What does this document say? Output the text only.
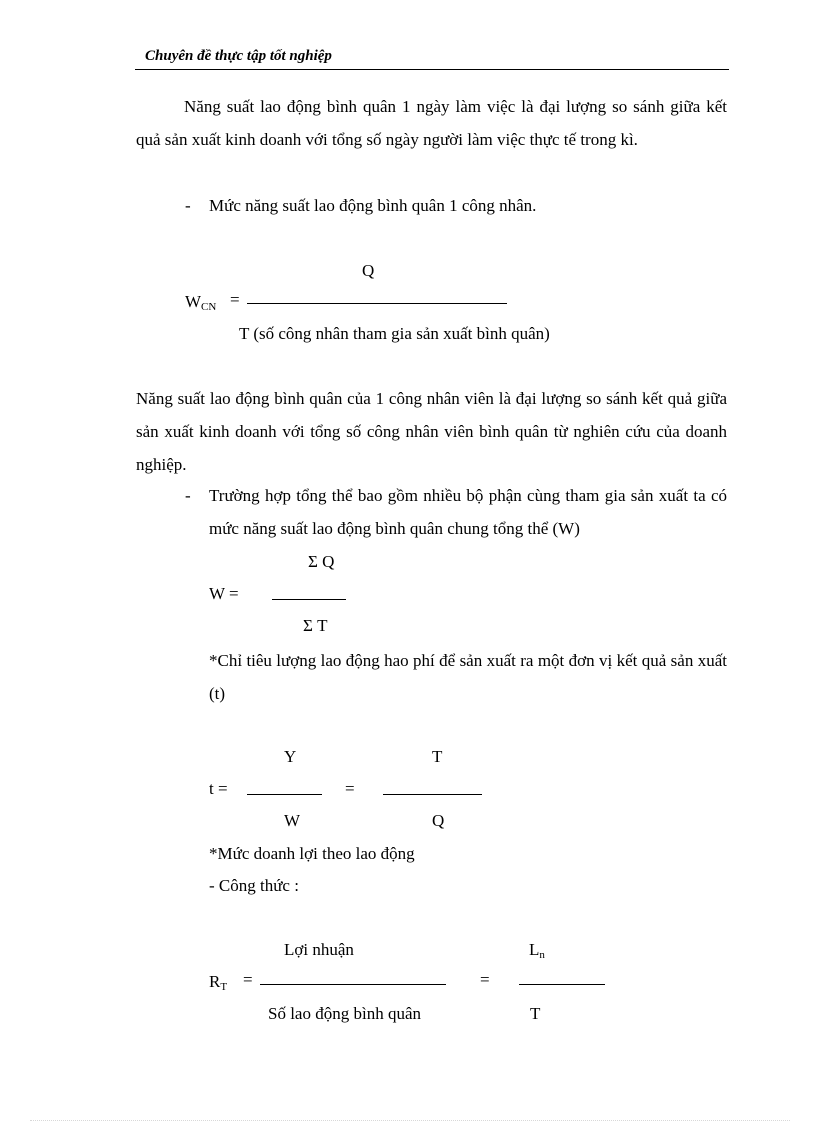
Chuyên đề thực tập tốt nghiệp
Năng suất lao động bình quân 1 ngày làm việc là đại lượng so sánh giữa kết quả sản xuất kinh doanh với tổng số ngày người làm việc thực tế trong kì.
- Mức năng suất lao động bình quân 1 công nhân.
Q
$W_{CN}$ =
T (số công nhân tham gia sản xuất bình quân)
Năng suất lao động bình quân của 1 công nhân viên là đại lượng so sánh kết quả giữa sản xuất kinh doanh với tổng số công nhân viên bình quân từ nghiên cứu của doanh nghiệp.
- Trường hợp tổng thể bao gồm nhiều bộ phận cùng tham gia sản xuất ta có mức năng suất lao động bình quân chung tổng thể (W)
Σ Q
W =
Σ T
*Chỉ tiêu lượng lao động hao phí để sản xuất ra một đơn vị kết quả sản xuất (t)
Y	T
t =	=
W	Q
*Mức doanh lợi theo lao động
- Công thức :
Lợi nhuận	$L_n$
$R_T$ =	=
Số lao động bình quân	T
